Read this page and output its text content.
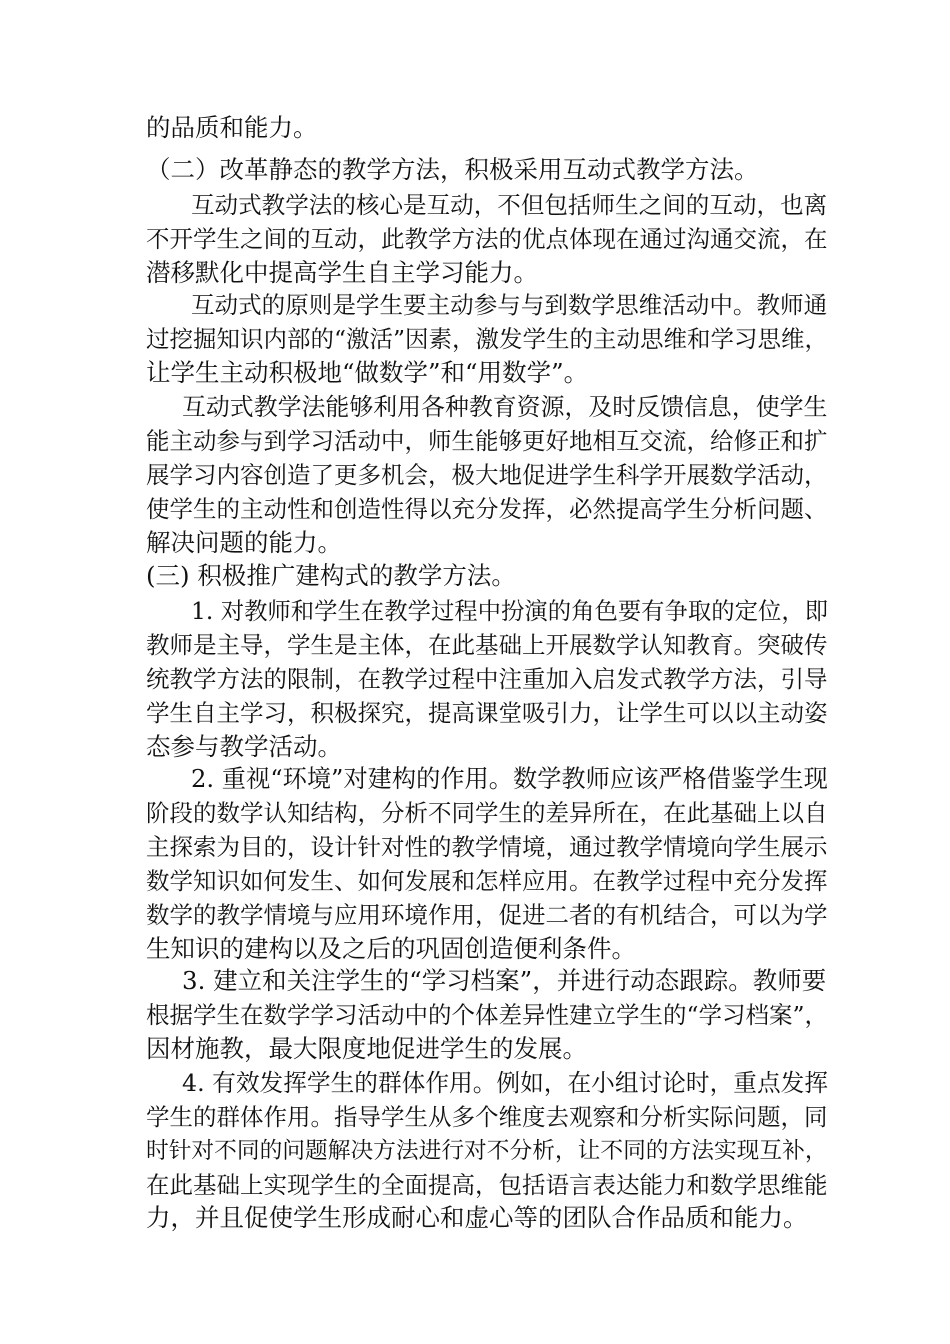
的品质和能力。
（二）改革静态的教学方法，积极采用互动式教学方法。
互动式教学法的核心是互动，不但包括师生之间的互动，也离
不开学生之间的互动，此教学方法的优点体现在通过沟通交流，在
潜移默化中提高学生自主学习能力。
互动式的原则是学生要主动参与与到数学思维活动中。教师通
过挖掘知识内部的“激活”因素，激发学生的主动思维和学习思维，
让学生主动积极地“做数学”和“用数学”。
互动式教学法能够利用各种教育资源，及时反馈信息，使学生
能主动参与到学习活动中，师生能够更好地相互交流，给修正和扩
展学习内容创造了更多机会，极大地促进学生科学开展数学活动，
使学生的主动性和创造性得以充分发挥，必然提高学生分析问题、
解决问题的能力。
(三) 积极推广建构式的教学方法。
1. 对教师和学生在教学过程中扮演的角色要有争取的定位，即
教师是主导，学生是主体，在此基础上开展数学认知教育。突破传
统教学方法的限制，在教学过程中注重加入启发式教学方法，引导
学生自主学习，积极探究，提高课堂吸引力，让学生可以以主动姿
态参与教学活动。
2. 重视“环境”对建构的作用。数学教师应该严格借鉴学生现
阶段的数学认知结构，分析不同学生的差异所在，在此基础上以自
主探索为目的，设计针对性的教学情境，通过教学情境向学生展示
数学知识如何发生、如何发展和怎样应用。在教学过程中充分发挥
数学的教学情境与应用环境作用，促进二者的有机结合，可以为学
生知识的建构以及之后的巩固创造便利条件。
3. 建立和关注学生的“学习档案”，并进行动态跟踪。教师要
根据学生在数学学习活动中的个体差异性建立学生的“学习档案”，
因材施教，最大限度地促进学生的发展。
4. 有效发挥学生的群体作用。例如，在小组讨论时，重点发挥
学生的群体作用。指导学生从多个维度去观察和分析实际问题，同
时针对不同的问题解决方法进行对不分析，让不同的方法实现互补，
在此基础上实现学生的全面提高，包括语言表达能力和数学思维能
力，并且促使学生形成耐心和虚心等的团队合作品质和能力。
